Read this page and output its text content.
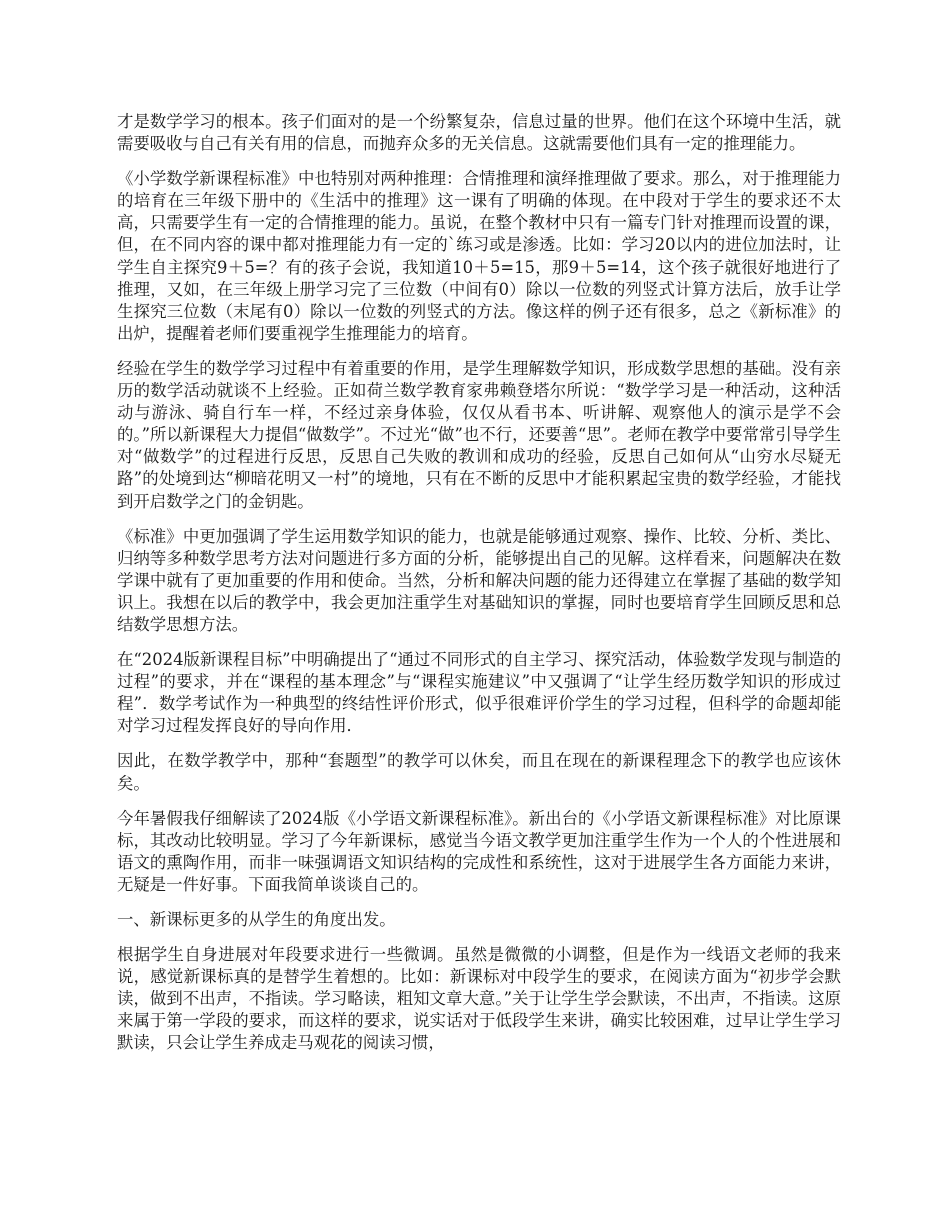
才是数学学习的根本。孩子们面对的是一个纷繁复杂，信息过量的世界。他们在这个环境中生活，就需要吸收与自己有关有用的信息，而抛弃众多的无关信息。这就需要他们具有一定的推理能力。

《小学数学新课程标准》中也特别对两种推理：合情推理和演绎推理做了要求。那么，对于推理能力的培育在三年级下册中的《生活中的推理》这一课有了明确的体现。在中段对于学生的要求还不太高，只需要学生有一定的合情推理的能力。虽说，在整个教材中只有一篇专门针对推理而设置的课，但，在不同内容的课中都对推理能力有一定的`练习或是渗透。比如：学习20以内的进位加法时，让学生自主探究9＋5=？有的孩子会说，我知道10＋5=15，那9＋5=14，这个孩子就很好地进行了推理，又如，在三年级上册学习完了三位数（中间有0）除以一位数的列竖式计算方法后，放手让学生探究三位数（末尾有0）除以一位数的列竖式的方法。像这样的例子还有很多，总之《新标准》的出炉，提醒着老师们要重视学生推理能力的培育。

经验在学生的数学学习过程中有着重要的作用，是学生理解数学知识，形成数学思想的基础。没有亲历的数学活动就谈不上经验。正如荷兰数学教育家弗赖登塔尔所说：“数学学习是一种活动，这种活动与游泳、骑自行车一样，不经过亲身体验，仅仅从看书本、听讲解、观察他人的演示是学不会的。”所以新课程大力提倡“做数学”。不过光“做”也不行，还要善“思”。老师在教学中要常常引导学生对“做数学”的过程进行反思，反思自己失败的教训和成功的经验，反思自己如何从“山穷水尽疑无路”的处境到达“柳暗花明又一村”的境地，只有在不断的反思中才能积累起宝贵的数学经验，才能找到开启数学之门的金钥匙。

《标准》中更加强调了学生运用数学知识的能力，也就是能够通过观察、操作、比较、分析、类比、归纳等多种数学思考方法对问题进行多方面的分析，能够提出自己的见解。这样看来，问题解决在数学课中就有了更加重要的作用和使命。当然，分析和解决问题的能力还得建立在掌握了基础的数学知识上。我想在以后的教学中，我会更加注重学生对基础知识的掌握，同时也要培育学生回顾反思和总结数学思想方法。

在“2024版新课程目标”中明确提出了“通过不同形式的自主学习、探究活动，体验数学发现与制造的过程”的要求，并在“课程的基本理念”与“课程实施建议”中又强调了“让学生经历数学知识的形成过程”．数学考试作为一种典型的终结性评价形式，似乎很难评价学生的学习过程，但科学的命题却能对学习过程发挥良好的导向作用．

因此，在数学教学中，那种“套题型”的教学可以休矣，而且在现在的新课程理念下的教学也应该休矣。

今年暑假我仔细解读了2024版《小学语文新课程标准》。新出台的《小学语文新课程标准》对比原课标，其改动比较明显。学习了今年新课标，感觉当今语文教学更加注重学生作为一个人的个性进展和语文的熏陶作用，而非一味强调语文知识结构的完成性和系统性，这对于进展学生各方面能力来讲，无疑是一件好事。下面我简单谈谈自己的。

一、新课标更多的从学生的角度出发。

根据学生自身进展对年段要求进行一些微调。虽然是微微的小调整，但是作为一线语文老师的我来说，感觉新课标真的是替学生着想的。比如：新课标对中段学生的要求，在阅读方面为“初步学会默读，做到不出声，不指读。学习略读，粗知文章大意。”关于让学生学会默读，不出声，不指读。这原来属于第一学段的要求，而这样的要求，说实话对于低段学生来讲，确实比较困难，过早让学生学习默读，只会让学生养成走马观花的阅读习惯，
